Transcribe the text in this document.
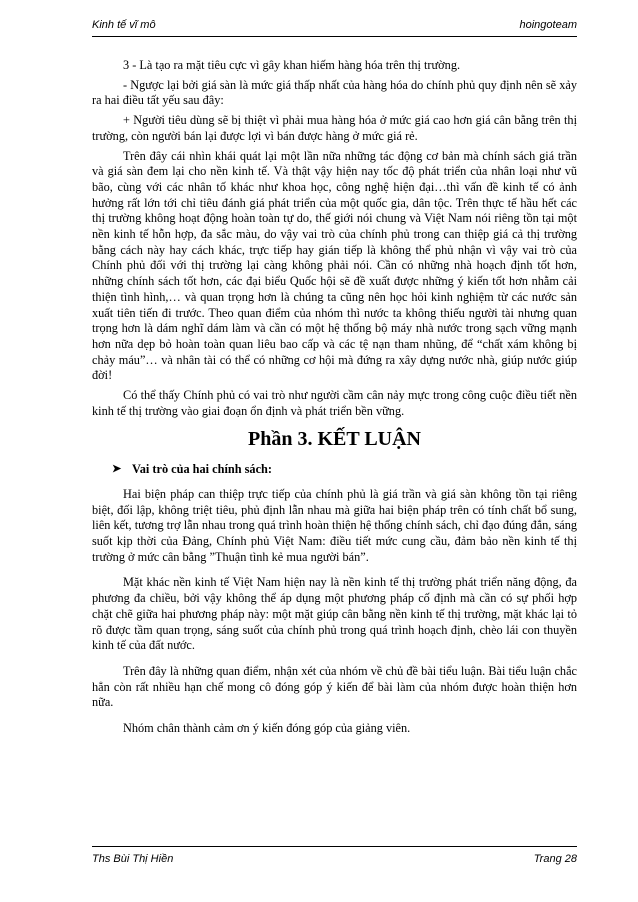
Kinh tế vĩ mô	hoingoteam

3 - Là tạo ra mặt tiêu cực vì gây khan hiếm hàng hóa trên thị trường.

- Ngược lại bởi giá sàn là mức giá thấp nhất của hàng hóa do chính phủ quy định nên sẽ xảy ra hai điều tất yếu sau đây:

+ Người tiêu dùng sẽ bị thiệt vì phải mua hàng hóa ở mức giá cao hơn giá cân bằng trên thị trường, còn người bán lại được lợi vì bán được hàng ở mức giá rẻ.

Trên đây cái nhìn khái quát lại một lần nữa những tác động cơ bản mà chính sách giá trần và giá sàn đem lại cho nền kinh tế. Và thật vậy hiện nay tốc độ phát triển của nhân loại như vũ bão, cùng với các nhân tố khác như khoa học, công nghệ hiện đại…thì vấn đề kinh tế có ảnh hưởng rất lớn tới chỉ tiêu đánh giá phát triển của một quốc gia, dân tộc. Trên thực tế hầu hết các thị trường không hoạt động hoàn toàn tự do, thế giới nói chung và Việt Nam nói riêng tồn tại một nền kinh tế hỗn hợp, đa sắc màu, do vậy vai trò của chính phủ trong can thiệp giá cả thị trường bằng cách này hay cách khác, trực tiếp hay gián tiếp là không thể phủ nhận vì vậy vai trò của Chính phủ đối với thị trường lại càng không phải nói. Cần có những nhà hoạch định tốt hơn, những chính sách tốt hơn, các đại biểu Quốc hội sẽ đề xuất được những ý kiến tốt hơn nhằm cải thiện tình hình,… và quan trọng hơn là chúng ta cũng nên học hỏi kinh nghiệm từ các nước sản xuất tiên tiến đi trước. Theo quan điểm của nhóm thì nước ta không thiếu người tài nhưng quan trọng hơn là dám nghĩ dám làm và cần có một hệ thống bộ máy nhà nước trong sạch vững mạnh hơn nữa dẹp bỏ hoàn toàn quan liêu bao cấp và các tệ nạn tham nhũng, để “chất xám không bị chảy máu”… và nhân tài có thể có những cơ hội mà đứng ra xây dựng nước nhà, giúp nước giúp đời!

Có thể thấy Chính phủ có vai trò như người cầm cân nảy mực trong công cuộc điều tiết nền kinh tế thị trường vào giai đoạn ổn định và phát triển bền vững.

Phần 3. KẾT LUẬN
➤ Vai trò của hai chính sách:

Hai biện pháp can thiệp trực tiếp của chính phủ là giá trần và giá sàn không tồn tại riêng biệt, đối lập, không triệt tiêu, phủ định lẫn nhau mà giữa hai biện pháp trên có tính chất bổ sung, liên kết, tương trợ lẫn nhau trong quá trình hoàn thiện hệ thống chính sách, chỉ đạo đúng đắn, sáng suốt kịp thời của Đảng, Chính phủ Việt Nam: điều tiết mức cung cầu, đảm bảo nền kinh tế thị trường ở mức cân bằng ”Thuận tình kẻ mua người bán”.

Mặt khác nền kinh tế Việt Nam hiện nay là nền kinh tế thị trường phát triển năng động, đa phương đa chiều, bởi vậy không thể áp dụng một phương pháp cố định mà cần có sự phối hợp chặt chẽ giữa hai phương pháp này: một mặt giúp cân bằng nền kinh tế thị trường, mặt khác lại tỏ rõ được tầm quan trọng, sáng suốt của chính phủ trong quá trình hoạch định, chèo lái con thuyền kinh tế của đất nước.

Trên đây là những quan điểm, nhận xét của nhóm về chủ đề bài tiểu luận. Bài tiểu luận chắc hẳn còn rất nhiều hạn chế mong cô đóng góp ý kiến để bài làm của nhóm được hoàn thiện hơn nữa.

Nhóm chân thành cảm ơn ý kiến đóng góp của giảng viên.

Ths Bùi Thị Hiền	Trang 28
